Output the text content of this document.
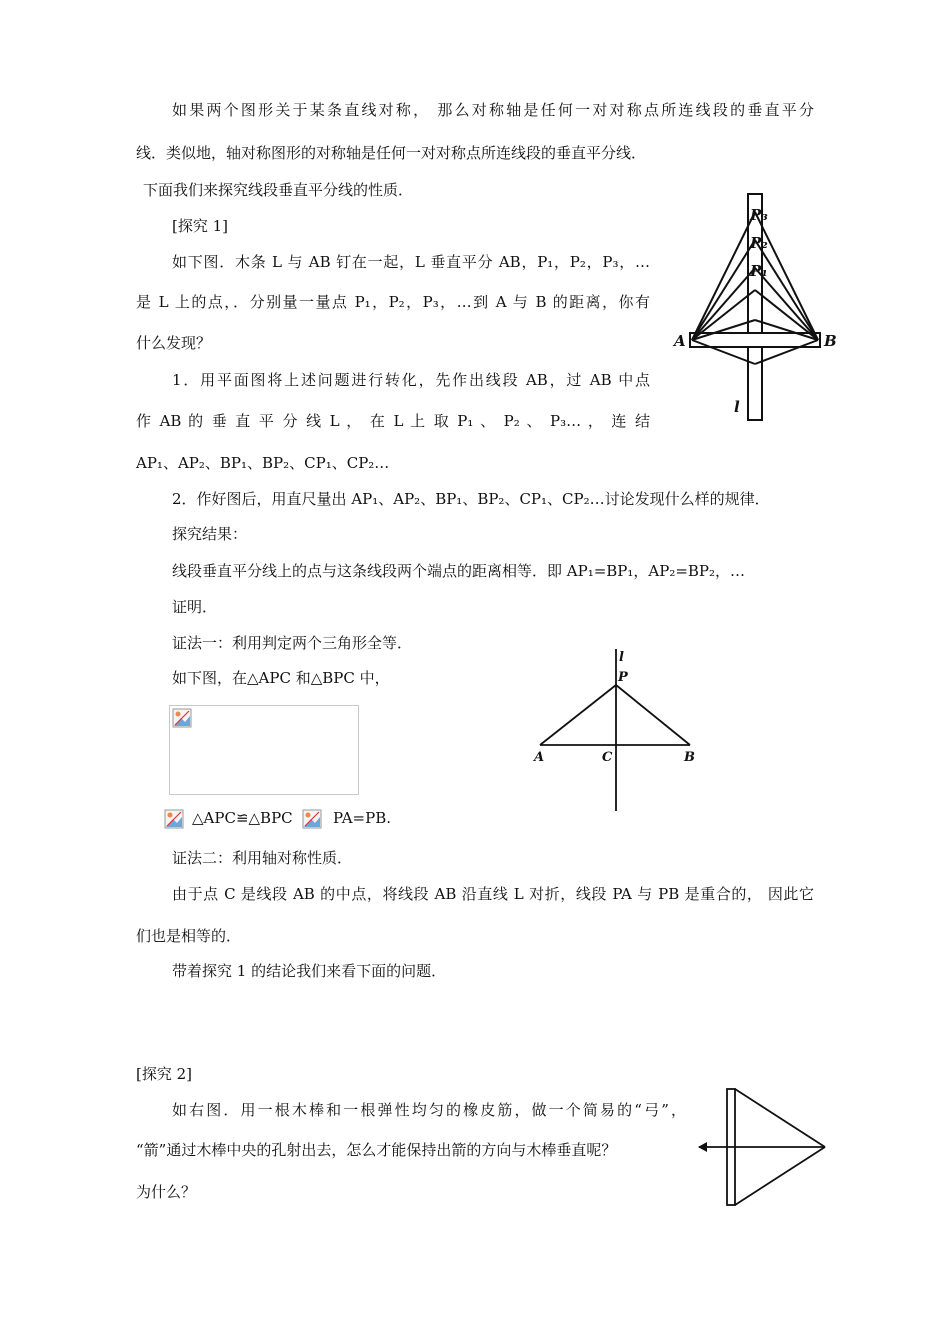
如果两个图形关于某条直线对称， 那么对称轴是任何一对对称点所连线段的垂直平分
线．类似地，轴对称图形的对称轴是任何一对对称点所连线段的垂直平分线．
下面我们来探究线段垂直平分线的性质．
[探究 1]
如下图．木条 L 与 AB 钉在一起，L 垂直平分 AB，P₁，P₂，P₃，…
是 L 上的点，．分别量一量点 P₁，P₂，P₃，…到 A 与 B 的距离，你有
什么发现？
1．用平面图将上述问题进行转化，先作出线段 AB，过 AB 中点
作 AB 的 垂 直 平 分 线 L ， 在 L 上 取 P₁ 、 P₂ 、 P₃… ， 连 结
AP₁、AP₂、BP₁、BP₂、CP₁、CP₂…
2．作好图后，用直尺量出 AP₁、AP₂、BP₁、BP₂、CP₁、CP₂…讨论发现什么样的规律．
探究结果：
线段垂直平分线上的点与这条线段两个端点的距离相等．即 AP₁=BP₁，AP₂=BP₂，…
证明．
证法一：利用判定两个三角形全等．
如下图，在△APC 和△BPC 中，
△APC≌△BPC	PA=PB.
证法二：利用轴对称性质．
由于点 C 是线段 AB 的中点，将线段 AB 沿直线 L 对折，线段 PA 与 PB 是重合的， 因此它
们也是相等的．
带着探究 1 的结论我们来看下面的问题．
[探究 2]
如右图．用一根木棒和一根弹性均匀的橡皮筋，做一个简易的“弓”，
“箭”通过木棒中央的孔射出去，怎么才能保持出箭的方向与木棒垂直呢？
为什么？
P₃
P₂
P₁
A	B
l
l
P
A	C	B
